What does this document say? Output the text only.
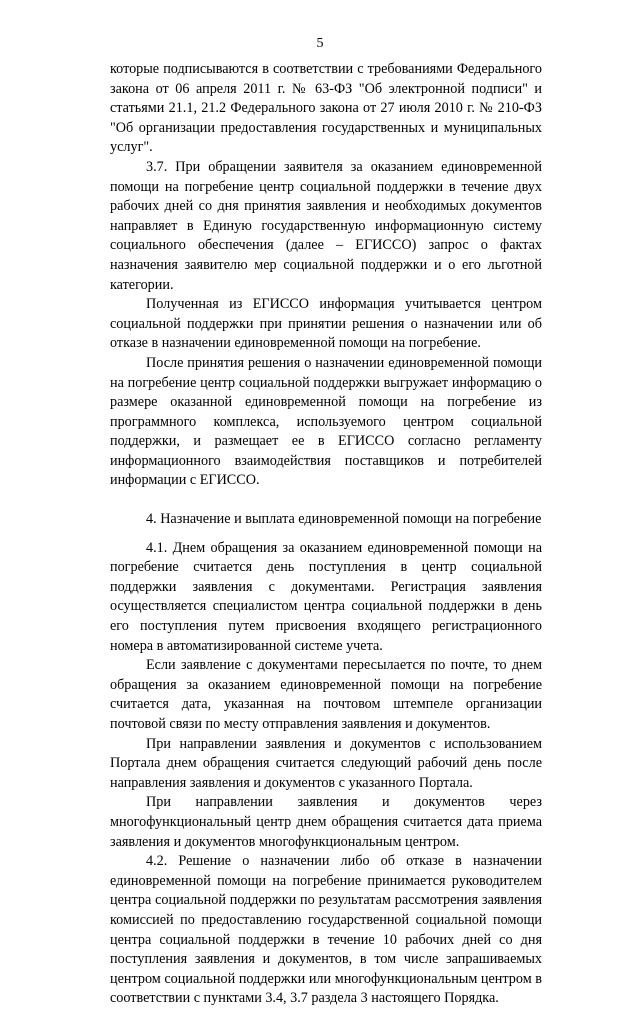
5

которые подписываются в соответствии с требованиями Федерального закона от 06 апреля 2011 г. № 63-ФЗ "Об электронной подписи" и статьями 21.1, 21.2 Федерального закона от 27 июля 2010 г. № 210-ФЗ "Об организации предоставления государственных и муниципальных услуг".

3.7. При обращении заявителя за оказанием единовременной помощи на погребение центр социальной поддержки в течение двух рабочих дней со дня принятия заявления и необходимых документов направляет в Единую государственную информационную систему социального обеспечения (далее – ЕГИССО) запрос о фактах назначения заявителю мер социальной поддержки и о его льготной категории.

Полученная из ЕГИССО информация учитывается центром социальной поддержки при принятии решения о назначении или об отказе в назначении единовременной помощи на погребение.

После принятия решения о назначении единовременной помощи на погребение центр социальной поддержки выгружает информацию о размере оказанной единовременной помощи на погребение из программного комплекса, используемого центром социальной поддержки, и размещает ее в ЕГИССО согласно регламенту информационного взаимодействия поставщиков и потребителей информации с ЕГИССО.

4. Назначение и выплата единовременной помощи на погребение

4.1. Днем обращения за оказанием единовременной помощи на погребение считается день поступления в центр социальной поддержки заявления с документами. Регистрация заявления осуществляется специалистом центра социальной поддержки в день его поступления путем присвоения входящего регистрационного номера в автоматизированной системе учета.

Если заявление с документами пересылается по почте, то днем обращения за оказанием единовременной помощи на погребение считается дата, указанная на почтовом штемпеле организации почтовой связи по месту отправления заявления и документов.

При направлении заявления и документов с использованием Портала днем обращения считается следующий рабочий день после направления заявления и документов с указанного Портала.

При направлении заявления и документов через многофункциональный центр днем обращения считается дата приема заявления и документов многофункциональным центром.

4.2. Решение о назначении либо об отказе в назначении единовременной помощи на погребение принимается руководителем центра социальной поддержки по результатам рассмотрения заявления комиссией по предоставлению государственной социальной помощи центра социальной поддержки в течение 10 рабочих дней со дня поступления заявления и документов, в том числе запрашиваемых центром социальной поддержки или многофункциональным центром в соответствии с пунктами 3.4, 3.7 раздела 3 настоящего Порядка.
